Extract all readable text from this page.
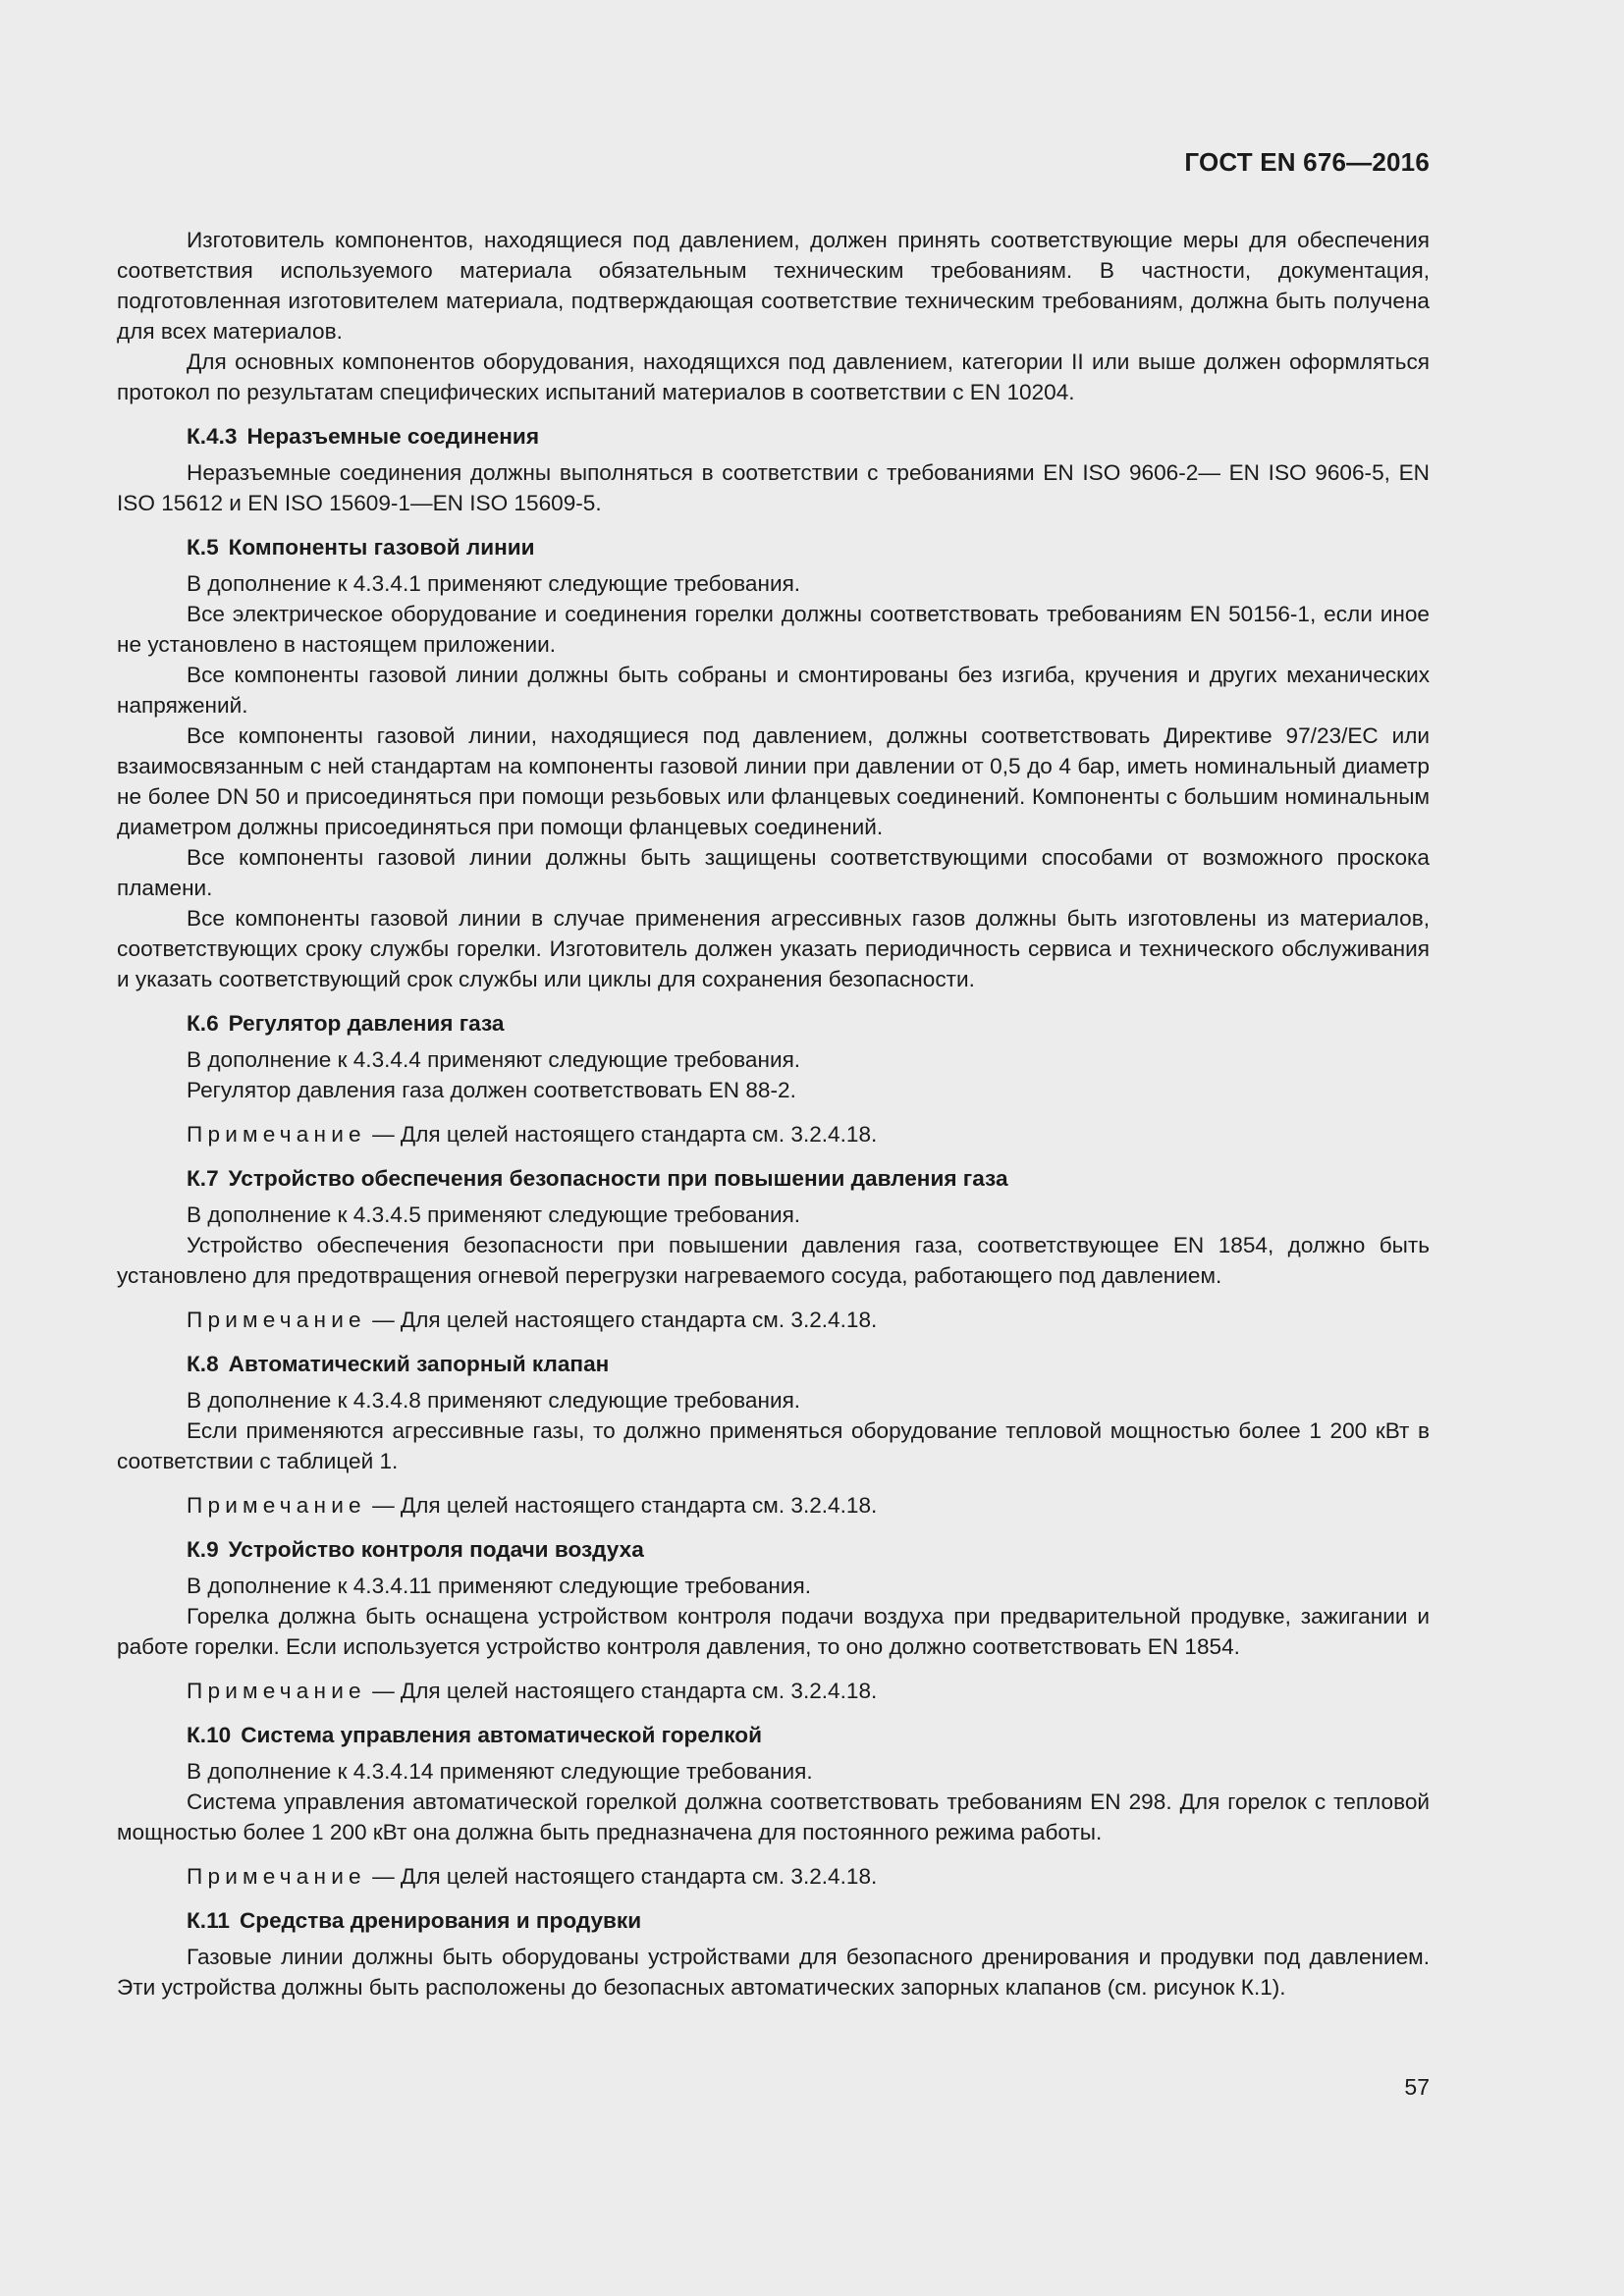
ГОСТ EN 676—2016

Изготовитель компонентов, находящиеся под давлением, должен принять соответствующие меры для обеспечения соответствия используемого материала обязательным техническим требованиям. В частности, документация, подготовленная изготовителем материала, подтверждающая соответствие техническим требованиям, должна быть получена для всех материалов.

Для основных компонентов оборудования, находящихся под давлением, категории II или выше должен оформляться протокол по результатам специфических испытаний материалов в соответствии с EN 10204.

К.4.3 Неразъемные соединения

Неразъемные соединения должны выполняться в соответствии с требованиями EN ISO 9606-2— EN ISO 9606-5, EN ISO 15612 и EN ISO 15609-1—EN ISO 15609-5.

К.5 Компоненты газовой линии

В дополнение к 4.3.4.1 применяют следующие требования.

Все электрическое оборудование и соединения горелки должны соответствовать требованиям EN 50156-1, если иное не установлено в настоящем приложении.

Все компоненты газовой линии должны быть собраны и смонтированы без изгиба, кручения и других механических напряжений.

Все компоненты газовой линии, находящиеся под давлением, должны соответствовать Директиве 97/23/ЕС или взаимосвязанным с ней стандартам на компоненты газовой линии при давлении от 0,5 до 4 бар, иметь номинальный диаметр не более DN 50 и присоединяться при помощи резьбовых или фланцевых соединений. Компоненты с большим номинальным диаметром должны присоединяться при помощи фланцевых соединений.

Все компоненты газовой линии должны быть защищены соответствующими способами от возможного проскока пламени.

Все компоненты газовой линии в случае применения агрессивных газов должны быть изготовлены из материалов, соответствующих сроку службы горелки. Изготовитель должен указать периодичность сервиса и технического обслуживания и указать соответствующий срок службы или циклы для сохранения безопасности.

К.6 Регулятор давления газа

В дополнение к 4.3.4.4 применяют следующие требования.

Регулятор давления газа должен соответствовать EN 88-2.

Примечание — Для целей настоящего стандарта см. 3.2.4.18.

К.7 Устройство обеспечения безопасности при повышении давления газа

В дополнение к 4.3.4.5 применяют следующие требования.

Устройство обеспечения безопасности при повышении давления газа, соответствующее EN 1854, должно быть установлено для предотвращения огневой перегрузки нагреваемого сосуда, работающего под давлением.

Примечание — Для целей настоящего стандарта см. 3.2.4.18.

К.8 Автоматический запорный клапан

В дополнение к 4.3.4.8 применяют следующие требования.

Если применяются агрессивные газы, то должно применяться оборудование тепловой мощностью более 1 200 кВт в соответствии с таблицей 1.

Примечание — Для целей настоящего стандарта см. 3.2.4.18.

К.9 Устройство контроля подачи воздуха

В дополнение к 4.3.4.11 применяют следующие требования.

Горелка должна быть оснащена устройством контроля подачи воздуха при предварительной продувке, зажигании и работе горелки. Если используется устройство контроля давления, то оно должно соответствовать EN 1854.

Примечание — Для целей настоящего стандарта см. 3.2.4.18.

К.10 Система управления автоматической горелкой

В дополнение к 4.3.4.14 применяют следующие требования.

Система управления автоматической горелкой должна соответствовать требованиям EN 298. Для горелок с тепловой мощностью более 1 200 кВт она должна быть предназначена для постоянного режима работы.

Примечание — Для целей настоящего стандарта см. 3.2.4.18.

К.11 Средства дренирования и продувки

Газовые линии должны быть оборудованы устройствами для безопасного дренирования и продувки под давлением. Эти устройства должны быть расположены до безопасных автоматических запорных клапанов (см. рисунок К.1).

57
